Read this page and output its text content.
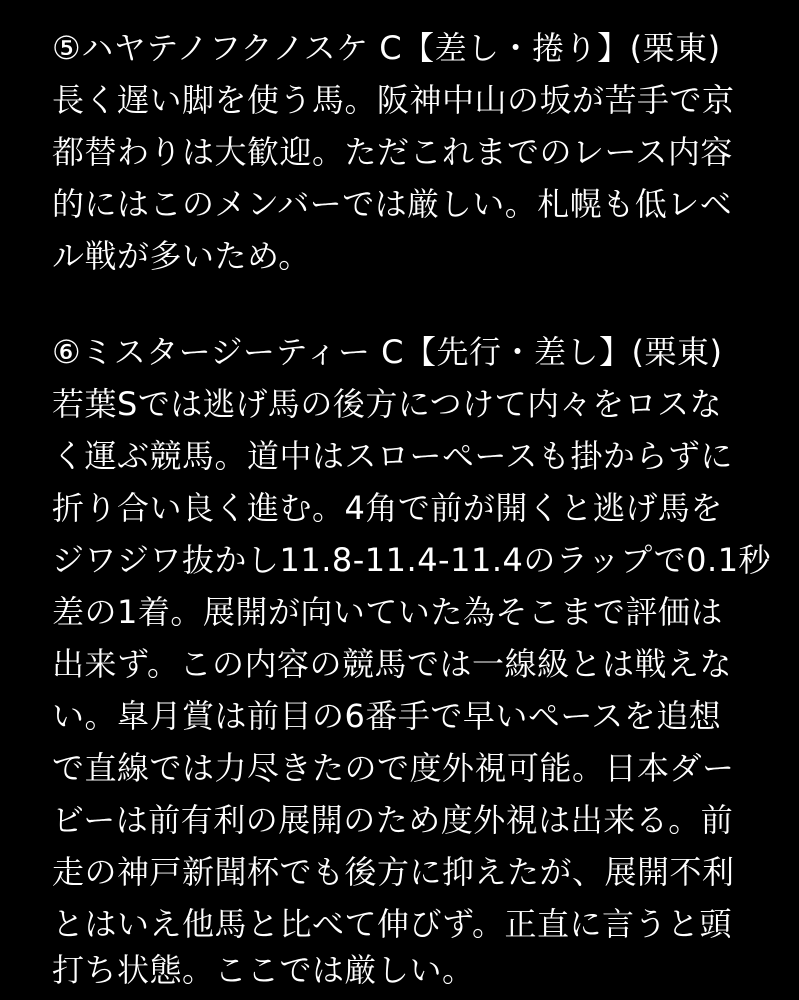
⑤ハヤテノフクノスケ C【差し・捲り】(栗東)
長く遅い脚を使う馬。阪神中山の坂が苦手で京
都替わりは大歓迎。ただこれまでのレース内容
的にはこのメンバーでは厳しい。札幌も低レベ
ル戦が多いため。
⑥ミスタージーティー C【先行・差し】(栗東)
若葉Sでは逃げ馬の後方につけて内々をロスな
く運ぶ競馬。道中はスローペースも掛からずに
折り合い良く進む。4角で前が開くと逃げ馬を
ジワジワ抜かし11.8-11.4-11.4のラップで0.1秒
差の1着。展開が向いていた為そこまで評価は
出来ず。この内容の競馬では一線級とは戦えな
い。皐月賞は前目の6番手で早いペースを追想
で直線では力尽きたので度外視可能。日本ダー
ビーは前有利の展開のため度外視は出来る。前
走の神戸新聞杯でも後方に抑えたが、展開不利
とはいえ他馬と比べて伸びず。正直に言うと頭
打ち状態。ここでは厳しい。
